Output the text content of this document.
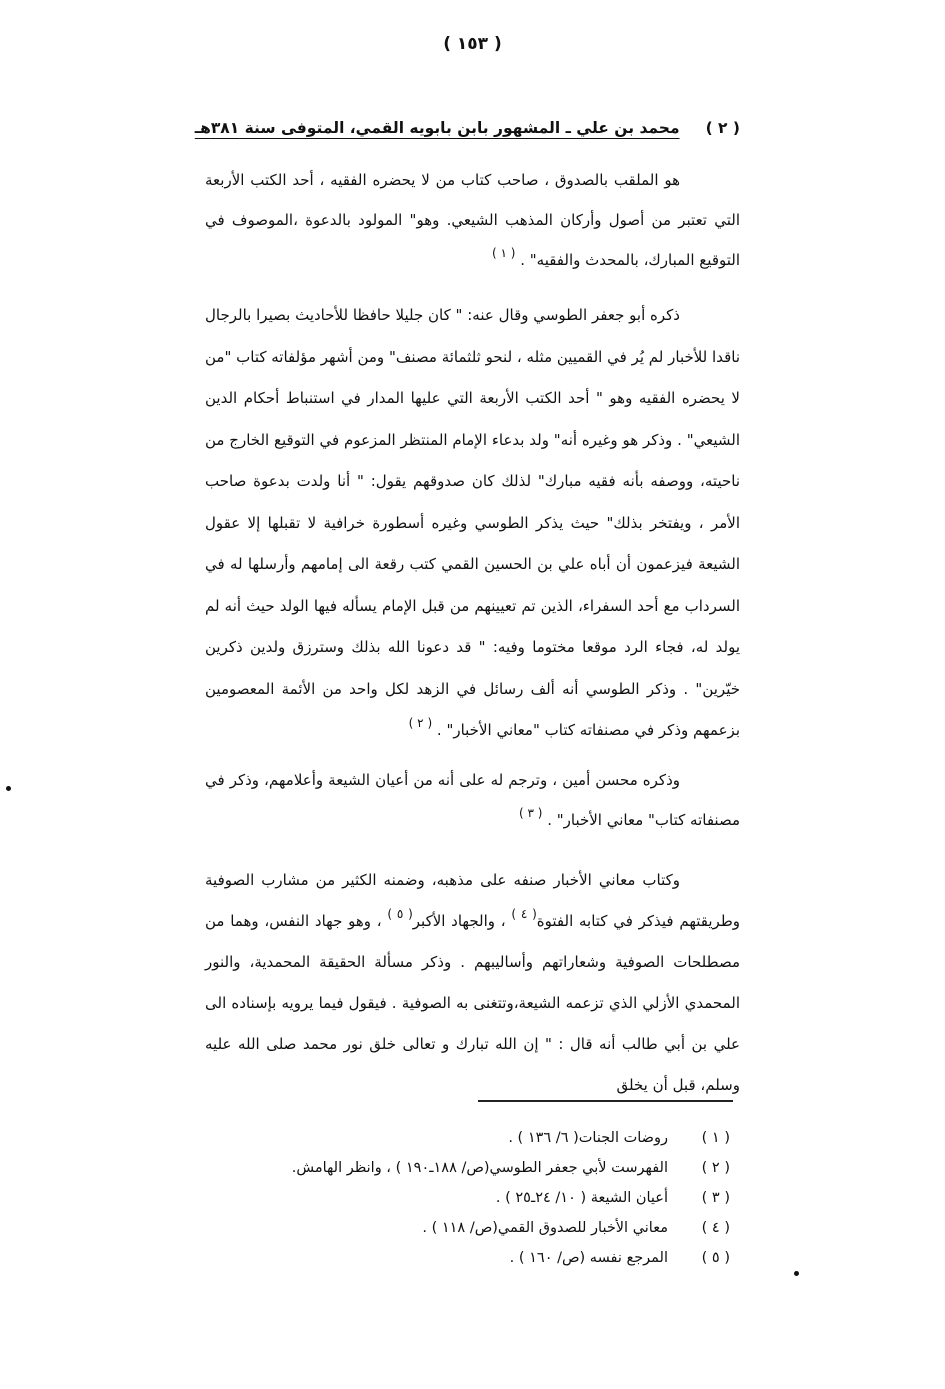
( ١٥٣ )
( ٢ )محمد بن علي ـ المشهور بابن بابويه القمي، المتوفى سنة ٣٨١هـ

هو الملقب بالصدوق ، صاحب كتاب من لا يحضره الفقيه ، أحد الكتب الأربعة التي تعتبر من أصول وأركان المذهب الشيعي. وهو" المولود بالدعوة ،الموصوف في التوقيع المبارك، بالمحدث والفقيه" . $^{( ١ )}$

ذكره أبو جعفر الطوسي وقال عنه: " كان جليلا حافظا للأحاديث بصيرا بالرجال ناقدا للأخبار لم يُر في القميين مثله ، لنحو ثلثمائة مصنف" ومن أشهر مؤلفاته كتاب "من لا يحضره الفقيه وهو " أحد الكتب الأربعة التي عليها المدار في استنباط أحكام الدين الشيعي" . وذكر هو وغيره أنه" ولد بدعاء الإمام المنتظر المزعوم في التوقيع الخارج من ناحيته، ووصفه بأنه فقيه مبارك" لذلك كان صدوقهم يقول: " أنا ولدت بدعوة صاحب الأمر ، ويفتخر بذلك" حيث يذكر الطوسي وغيره أسطورة خرافية لا تقبلها إلا عقول الشيعة فيزعمون أن أباه علي بن الحسين القمي كتب رقعة الى إمامهم وأرسلها له في السرداب مع أحد السفراء، الذين تم تعيينهم من قبل الإمام يسأله فيها الولد حيث أنه لم يولد له، فجاء الرد موقعا مختوما وفيه: " قد دعونا الله بذلك وسترزق ولدين ذكرين خيّرين" . وذكر الطوسي أنه ألف رسائل في الزهد لكل واحد من الأئمة المعصومين بزعمهم وذكر في مصنفاته كتاب "معاني الأخبار" . $^{( ٢ )}$

وذكره محسن أمين ، وترجم له على أنه من أعيان الشيعة وأعلامهم، وذكر في مصنفاته كتاب" معاني الأخبار" . $^{( ٣ )}$

وكتاب معاني الأخبار صنفه على مذهبه، وضمنه الكثير من مشارب الصوفية وطريقتهم فيذكر في كتابه الفتوة$^{( ٤ )}$ ، والجهاد الأكبر$^{( ٥ )}$ ، وهو جهاد النفس، وهما من مصطلحات الصوفية وشعاراتهم وأساليبهم . وذكر مسألة الحقيقة المحمدية، والنور المحمدي الأزلي الذي تزعمه الشيعة،وتتغنى به الصوفية . فيقول فيما يرويه بإسناده الى علي بن أبي طالب أنه قال : " إن الله تبارك و تعالى خلق نور محمد صلى الله عليه وسلم، قبل أن يخلق

( ١ )روضات الجنات( ٦/ ١٣٦ ) .
( ٢ )الفهرست لأبي جعفر الطوسي(ص/ ١٨٨ـ١٩٠ ) ، وانظر الهامش.
( ٣ )أعيان الشيعة ( ١٠/ ٢٤ـ٢٥ ) .
( ٤ )معاني الأخبار للصدوق القمي(ص/ ١١٨ ) .
( ٥ )المرجع نفسه (ص/ ١٦٠ ) .
